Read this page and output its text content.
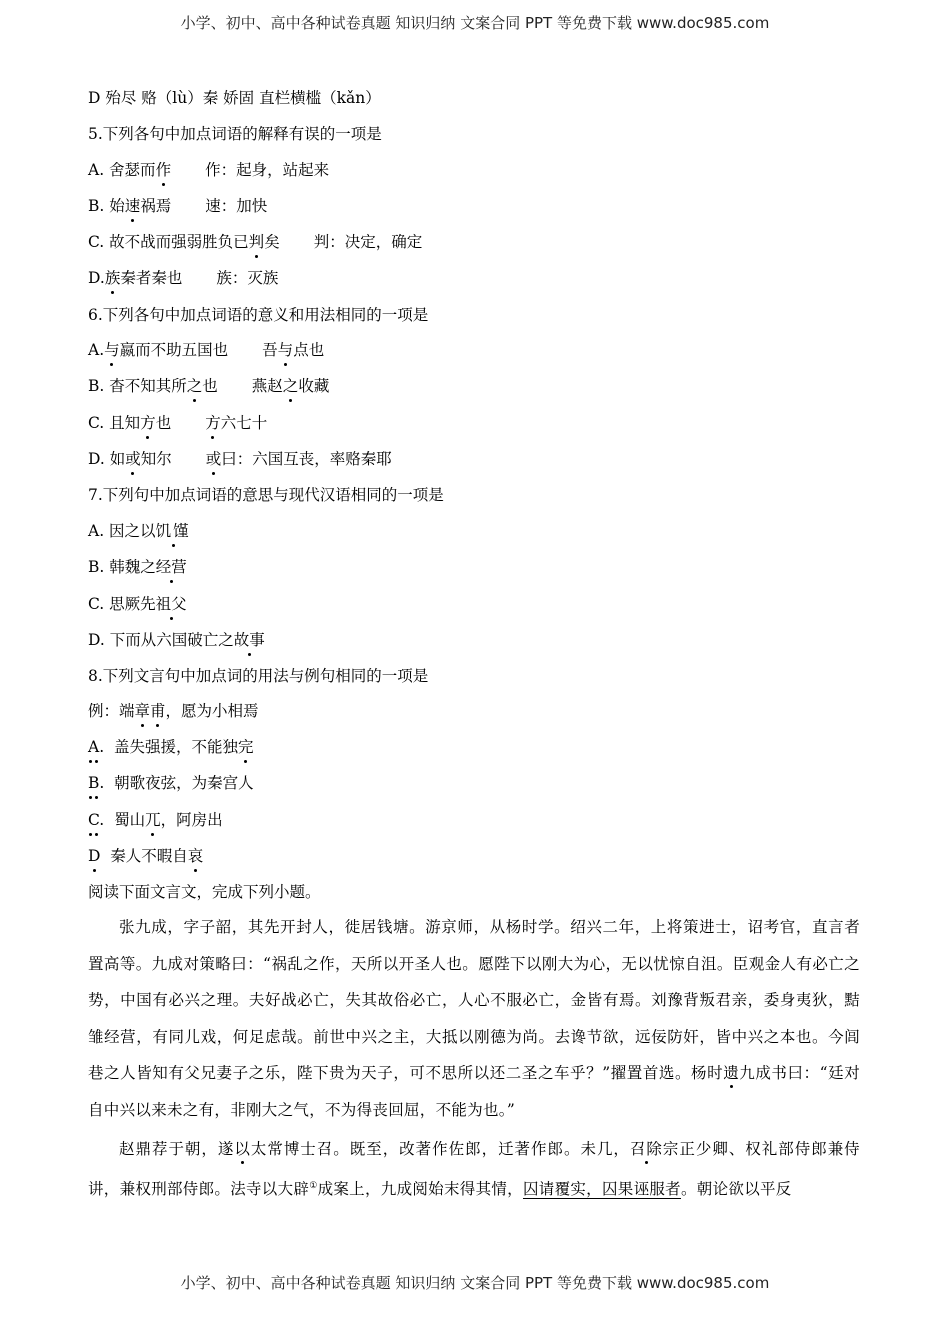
小学、初中、高中各种试卷真题 知识归纳 文案合同 PPT 等免费下载 www.doc985.com
D 殆尽 赂（lù）秦 娇固 直栏横槛（kǎn）
5.下列各句中加点词语的解释有误的一项是
A. 舍瑟而作 作：起身，站起来
B. 始速祸焉 速：加快
C. 故不战而强弱胜负已判矣 判：决定，确定
D.族秦者秦也 族：灭族
6.下列各句中加点词语的意义和用法相同的一项是
A.与嬴而不助五国也 吾与点也
B. 杳不知其所之也 燕赵之收藏
C. 且知方也 方六七十
D. 如或知尔 或曰：六国互丧，率赂秦耶
7.下列句中加点词语的意思与现代汉语相同的一项是
A. 因之以饥馑
B. 韩魏之经营
C. 思厥先祖父
D. 下而从六国破亡之故事
8.下列文言句中加点词的用法与例句相同的一项是
例：端章甫，愿为小相焉
A.  盖失强援，不能独完
B.  朝歌夜弦，为秦宫人
C.  蜀山兀，阿房出
D  秦人不暇自哀
阅读下面文言文，完成下列小题。
张九成，字子韶，其先开封人，徙居钱塘。游京师，从杨时学。绍兴二年，上将策进士，诏考官，直言者置高等。九成对策略曰：“祸乱之作，天所以开圣人也。愿陛下以刚大为心，无以忧惊自沮。臣观金人有必亡之势，中国有必兴之理。夫好战必亡，失其故俗必亡，人心不服必亡，金皆有焉。刘豫背叛君亲，委身夷狄，黠雏经营，有同儿戏，何足虑哉。前世中兴之主，大抵以刚德为尚。去谗节欲，远佞防奸，皆中兴之本也。今闾巷之人皆知有父兄妻子之乐，陛下贵为天子，可不思所以还二圣之车乎？”擢置首选。杨时遗九成书曰：“廷对自中兴以来未之有，非刚大之气，不为得丧回屈，不能为也。”
赵鼎荐于朝，遂以太常博士召。既至，改著作佐郎，迁著作郎。未几，召除宗正少卿、权礼部侍郎兼侍讲，兼权刑部侍郎。法寺以大辟①成案上，九成阅始末得其情，囚请覆实，囚果诬服者。朝论欲以平反
小学、初中、高中各种试卷真题 知识归纳 文案合同 PPT 等免费下载 www.doc985.com
